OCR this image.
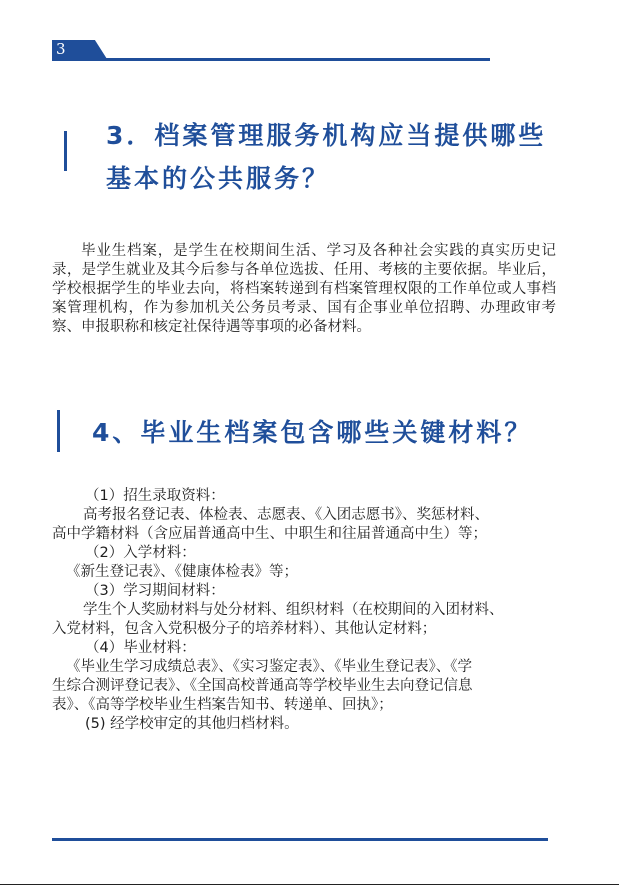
3
3．档案管理服务机构应当提供哪些
基本的公共服务？

毕业生档案，是学生在校期间生活、学习及各种社会实践的真实历史记录，是学生就业及其今后参与各单位选拔、任用、考核的主要依据。毕业后，学校根据学生的毕业去向，将档案转递到有档案管理权限的工作单位或人事档案管理机构，作为参加机关公务员考录、国有企事业单位招聘、办理政审考察、申报职称和核定社保待遇等事项的必备材料。

4、毕业生档案包含哪些关键材料？

（1）招生录取资料：

高考报名登记表、体检表、志愿表、《入团志愿书》、奖惩材料、

高中学籍材料（含应届普通高中生、中职生和往届普通高中生）等；

（2）入学材料：

《新生登记表》、《健康体检表》等；

（3）学习期间材料：

学生个人奖励材料与处分材料、组织材料（在校期间的入团材料、

入党材料，包含入党积极分子的培养材料）、其他认定材料；

（4）毕业材料：

《毕业生学习成绩总表》、《实习鉴定表》、《毕业生登记表》、《学

生综合测评登记表》、《全国高校普通高等学校毕业生去向登记信息

表》、《高等学校毕业生档案告知书、转递单、回执》；

(5) 经学校审定的其他归档材料。
